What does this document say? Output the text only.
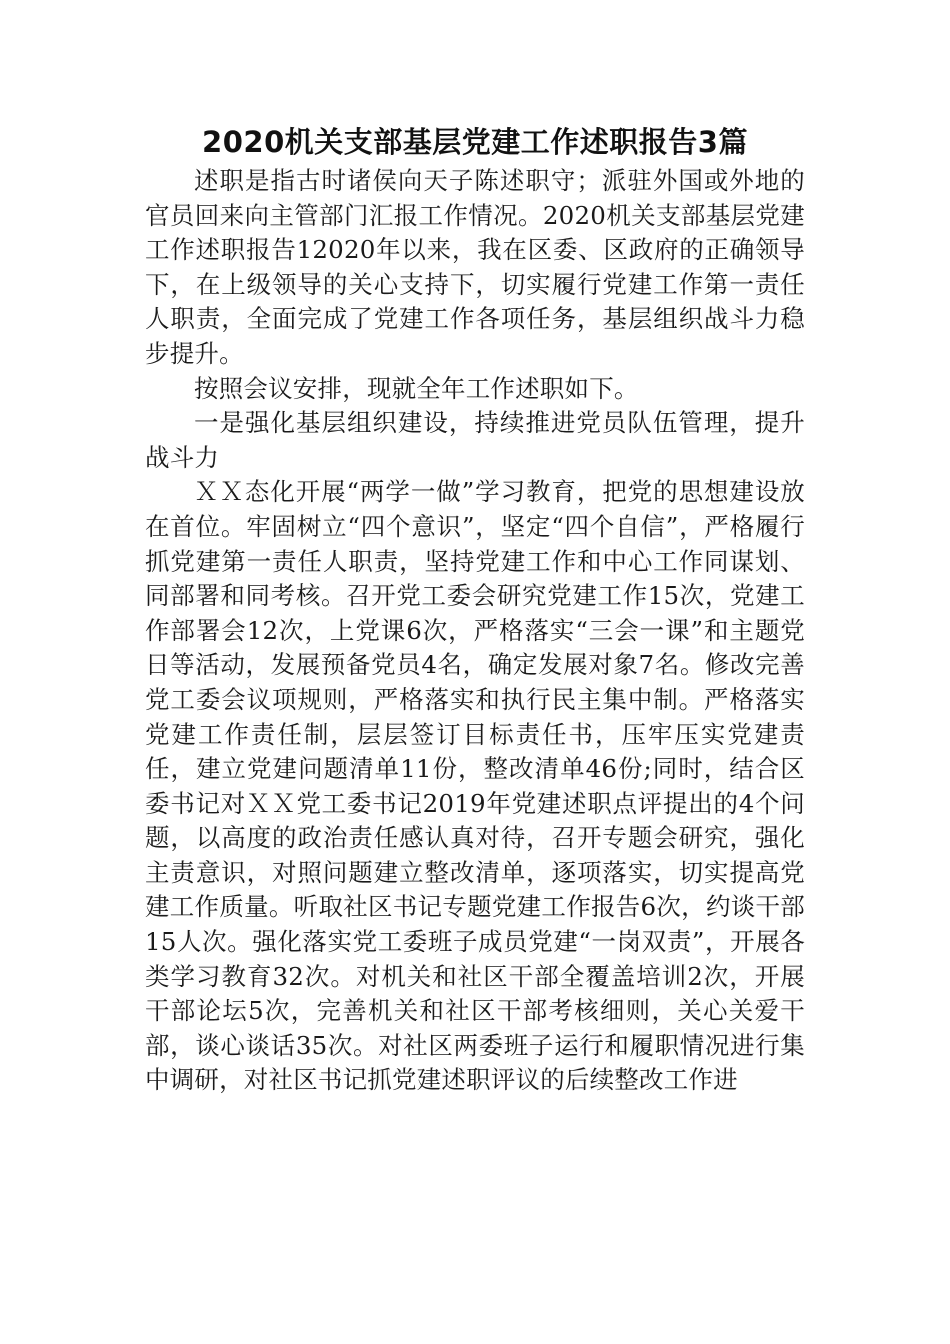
2020机关支部基层党建工作述职报告3篇

述职是指古时诸侯向天子陈述职守；派驻外国或外地的官员回来向主管部门汇报工作情况。2020机关支部基层党建工作述职报告12020年以来，我在区委、区政府的正确领导下，在上级领导的关心支持下，切实履行党建工作第一责任人职责，全面完成了党建工作各项任务，基层组织战斗力稳步提升。

按照会议安排，现就全年工作述职如下。

一是强化基层组织建设，持续推进党员队伍管理，提升战斗力

ＸＸ态化开展“两学一做”学习教育，把党的思想建设放在首位。牢固树立“四个意识”，坚定“四个自信”，严格履行抓党建第一责任人职责，坚持党建工作和中心工作同谋划、同部署和同考核。召开党工委会研究党建工作15次，党建工作部署会12次，上党课6次，严格落实“三会一课”和主题党日等活动，发展预备党员4名，确定发展对象7名。修改完善党工委会议项规则，严格落实和执行民主集中制。严格落实党建工作责任制，层层签订目标责任书，压牢压实党建责任，建立党建问题清单11份，整改清单46份;同时，结合区委书记对ＸＸ党工委书记2019年党建述职点评提出的4个问题，以高度的政治责任感认真对待，召开专题会研究，强化主责意识，对照问题建立整改清单，逐项落实，切实提高党建工作质量。听取社区书记专题党建工作报告6次，约谈干部15人次。强化落实党工委班子成员党建“一岗双责”，开展各类学习教育32次。对机关和社区干部全覆盖培训2次，开展干部论坛5次，完善机关和社区干部考核细则，关心关爱干部，谈心谈话35次。对社区两委班子运行和履职情况进行集中调研，对社区书记抓党建述职评议的后续整改工作进
